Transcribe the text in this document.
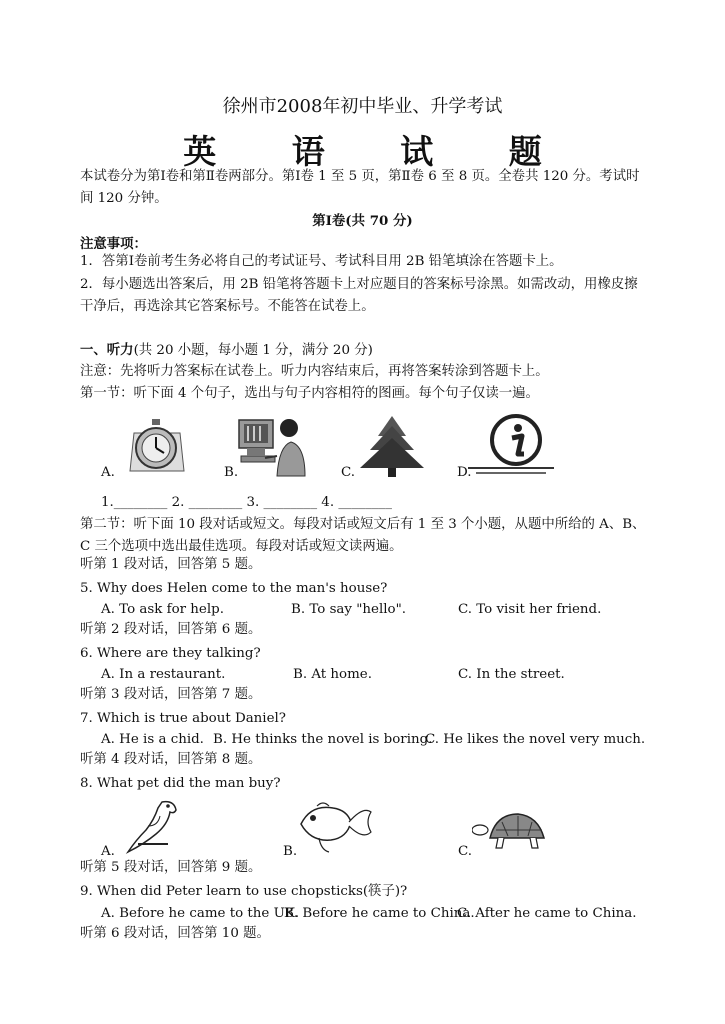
徐州市2008年初中毕业、升学考试
英 语 试 题
本试卷分为第Ⅰ卷和第Ⅱ卷两部分。第Ⅰ卷 1 至 5 页，第Ⅱ卷 6 至 8 页。全卷共 120 分。考试时间 120 分钟。
第Ⅰ卷(共 70 分)
注意事项：
1．答第Ⅰ卷前考生务必将自己的考试证号、考试科目用 2B 铅笔填涂在答题卡上。
2．每小题选出答案后，用 2B 铅笔将答题卡上对应题目的答案标号涂黑。如需改动，用橡皮擦干净后，再选涂其它答案标号。不能答在试卷上。
一、听力(共 20 小题，每小题 1 分，满分 20 分)
注意：先将听力答案标在试卷上。听力内容结束后，再将答案转涂到答题卡上。
第一节：听下面 4 个句子，选出与句子内容相符的图画。每个句子仅读一遍。
A.	B.	C.	D.
1.________ 2. ________ 3. ________ 4. ________
第二节：听下面 10 段对话或短文。每段对话或短文后有 1 至 3 个小题，从题中所给的 A、B、C 三个选项中选出最佳选项。每段对话或短文读两遍。
听第 1 段对话，回答第 5 题。
5. Why does Helen come to the man's house?
A. To ask for help.	B. To say "hello".	C. To visit her friend.
听第 2 段对话，回答第 6 题。
6. Where are they talking?
A. In a restaurant.	B. At home.	C. In the street.
听第 3 段对话，回答第 7 题。
7. Which is true about Daniel?
A. He is a chid. B. He thinks the novel is boring.
C. He likes the novel very much.
听第 4 段对话，回答第 8 题。
8. What pet did the man buy?
A.	B.	C.
听第 5 段对话，回答第 9 题。
9. When did Peter learn to use chopsticks(筷子)?
A. Before he came to the UK.
B. Before he came to China.
C. After he came to China.
听第 6 段对话，回答第 10 题。
